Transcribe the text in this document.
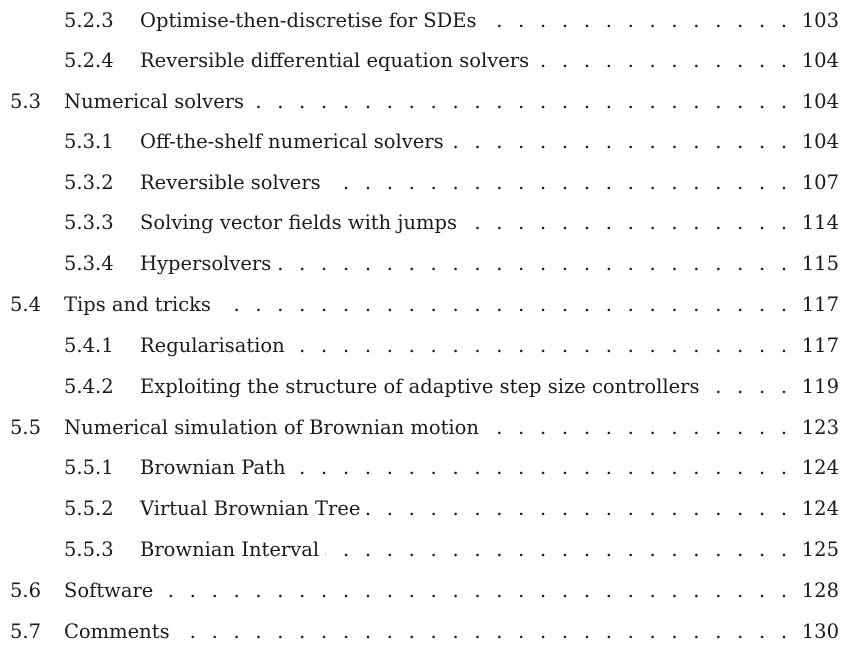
. . .
5.2.3 Optimise-then-discretise for SDEs	103
. . .
5.2.4 Reversible differential equation solvers	104
. . .
5.3 Numerical solvers	104
. . .
5.3.1 Off-the-shelf numerical solvers	104
. . .
5.3.2 Reversible solvers	107
. . .
5.3.3 Solving vector fields with jumps	114
. . .
5.3.4 Hypersolvers	115
. . .
5.4 Tips and tricks	117
. . .
5.4.1 Regularisation	117
. . .
5.4.2 Exploiting the structure of adaptive step size controllers	119
. . .
5.5 Numerical simulation of Brownian motion	123
. . .
5.5.1 Brownian Path	124
. . .
5.5.2 Virtual Brownian Tree	124
. . .
5.5.3 Brownian Interval	125
. . .
5.6 Software	128
. . .
5.7 Comments	130
